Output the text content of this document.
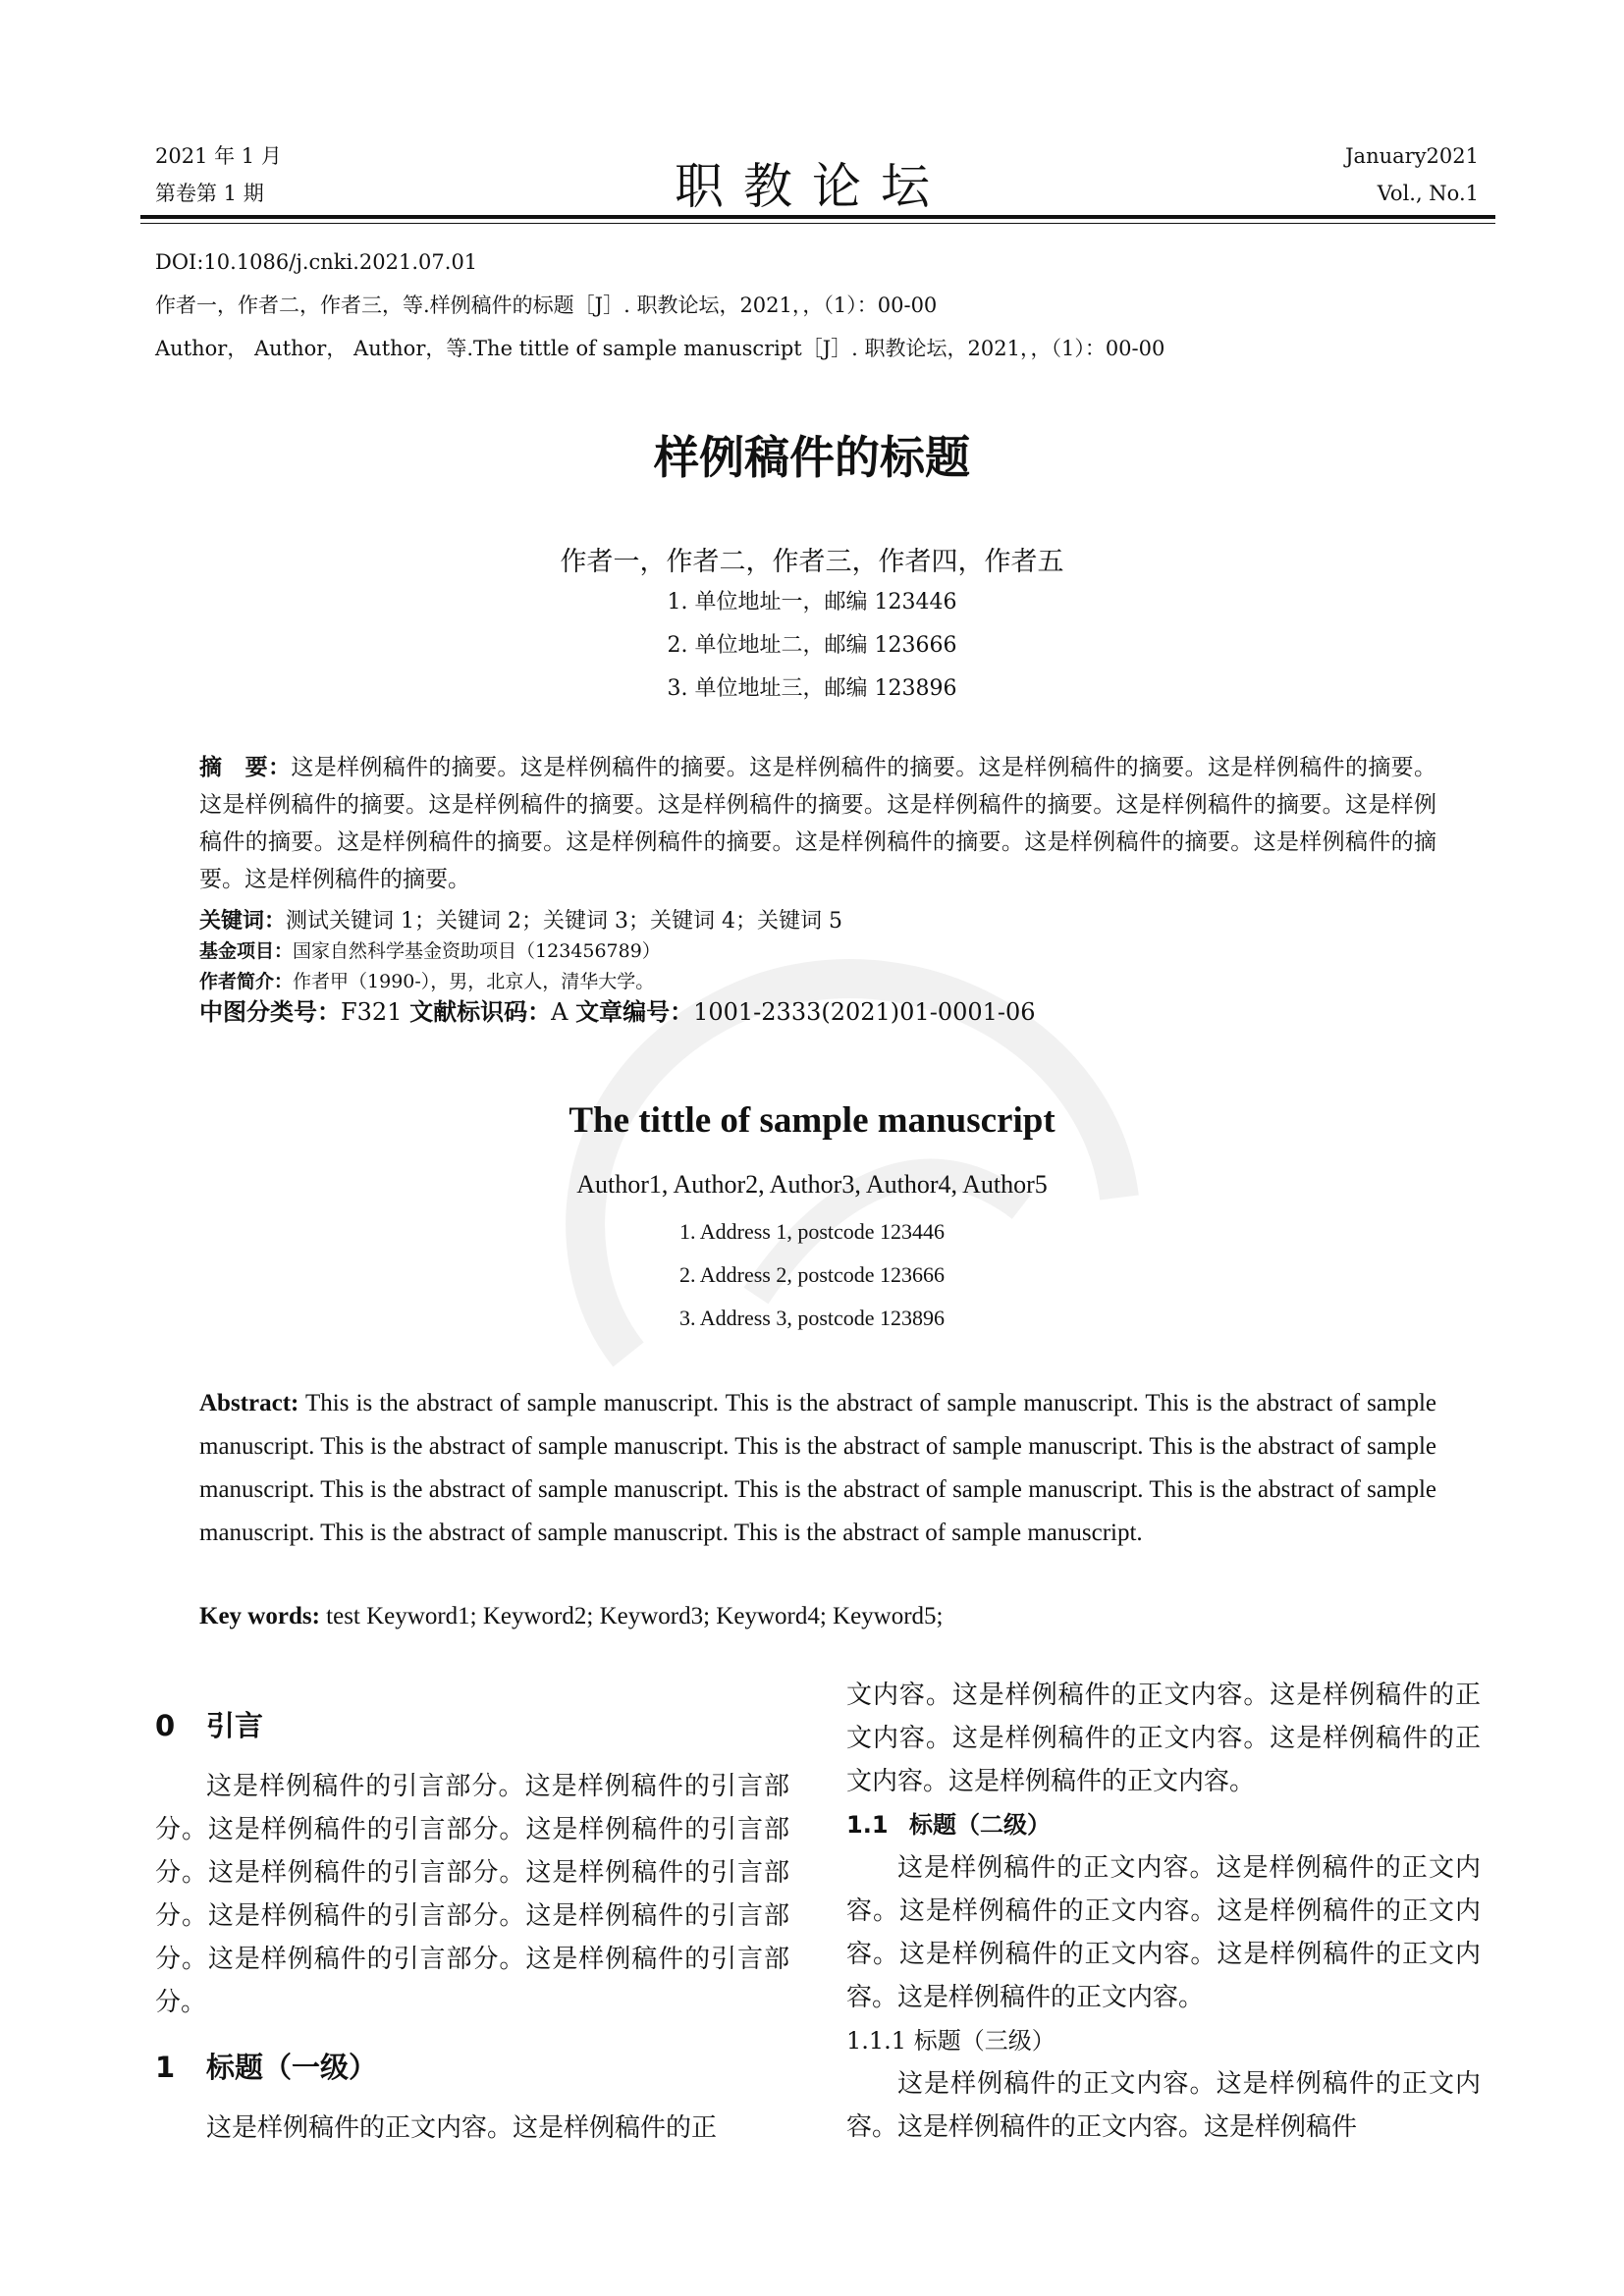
2021 年 1 月
第卷第 1 期	职教论坛
January2021
Vol., No.1
DOI:10.1086/j.cnki.2021.07.01
作者一，作者二，作者三，等.样例稿件的标题［J］. 职教论坛，2021，，（1）：00-00
Author， Author， Author，等.The tittle of sample manuscript［J］. 职教论坛，2021，，（1）：00-00
样例稿件的标题
作者一，作者二，作者三，作者四，作者五
1. 单位地址一，邮编 123446
2. 单位地址二，邮编 123666
3. 单位地址三，邮编 123896
摘　要：这是样例稿件的摘要。这是样例稿件的摘要。这是样例稿件的摘要。这是样例稿件的摘要。这是样例稿件的摘要。这是样例稿件的摘要。这是样例稿件的摘要。这是样例稿件的摘要。这是样例稿件的摘要。这是样例稿件的摘要。这是样例稿件的摘要。这是样例稿件的摘要。这是样例稿件的摘要。这是样例稿件的摘要。这是样例稿件的摘要。这是样例稿件的摘要。这是样例稿件的摘要。
关键词：测试关键词 1；关键词 2；关键词 3；关键词 4；关键词 5
基金项目：国家自然科学基金资助项目（123456789）
作者简介：作者甲（1990-），男，北京人，清华大学。
中图分类号：F321 文献标识码：A 文章编号：1001-2333(2021)01-0001-06
The tittle of sample manuscript
Author1, Author2, Author3, Author4, Author5
1. Address 1, postcode 123446
2. Address 2, postcode 123666
3. Address 3, postcode 123896
Abstract: This is the abstract of sample manuscript. This is the abstract of sample manuscript. This is the abstract of sample manuscript. This is the abstract of sample manuscript. This is the abstract of sample manuscript. This is the abstract of sample manuscript. This is the abstract of sample manuscript. This is the abstract of sample manuscript. This is the abstract of sample manuscript. This is the abstract of sample manuscript. This is the abstract of sample manuscript.
Key words: test Keyword1; Keyword2; Keyword3; Keyword4; Keyword5;
0 引言
这是样例稿件的引言部分。这是样例稿件的引言部分。这是样例稿件的引言部分。这是样例稿件的引言部分。这是样例稿件的引言部分。这是样例稿件的引言部分。这是样例稿件的引言部分。这是样例稿件的引言部分。这是样例稿件的引言部分。这是样例稿件的引言部分。
1 标题（一级）
这是样例稿件的正文内容。这是样例稿件的正
文内容。这是样例稿件的正文内容。这是样例稿件的正文内容。这是样例稿件的正文内容。这是样例稿件的正文内容。这是样例稿件的正文内容。
1.1 标题（二级）
这是样例稿件的正文内容。这是样例稿件的正文内容。这是样例稿件的正文内容。这是样例稿件的正文内容。这是样例稿件的正文内容。这是样例稿件的正文内容。这是样例稿件的正文内容。
1.1.1 标题（三级）
这是样例稿件的正文内容。这是样例稿件的正文内容。这是样例稿件的正文内容。这是样例稿件
